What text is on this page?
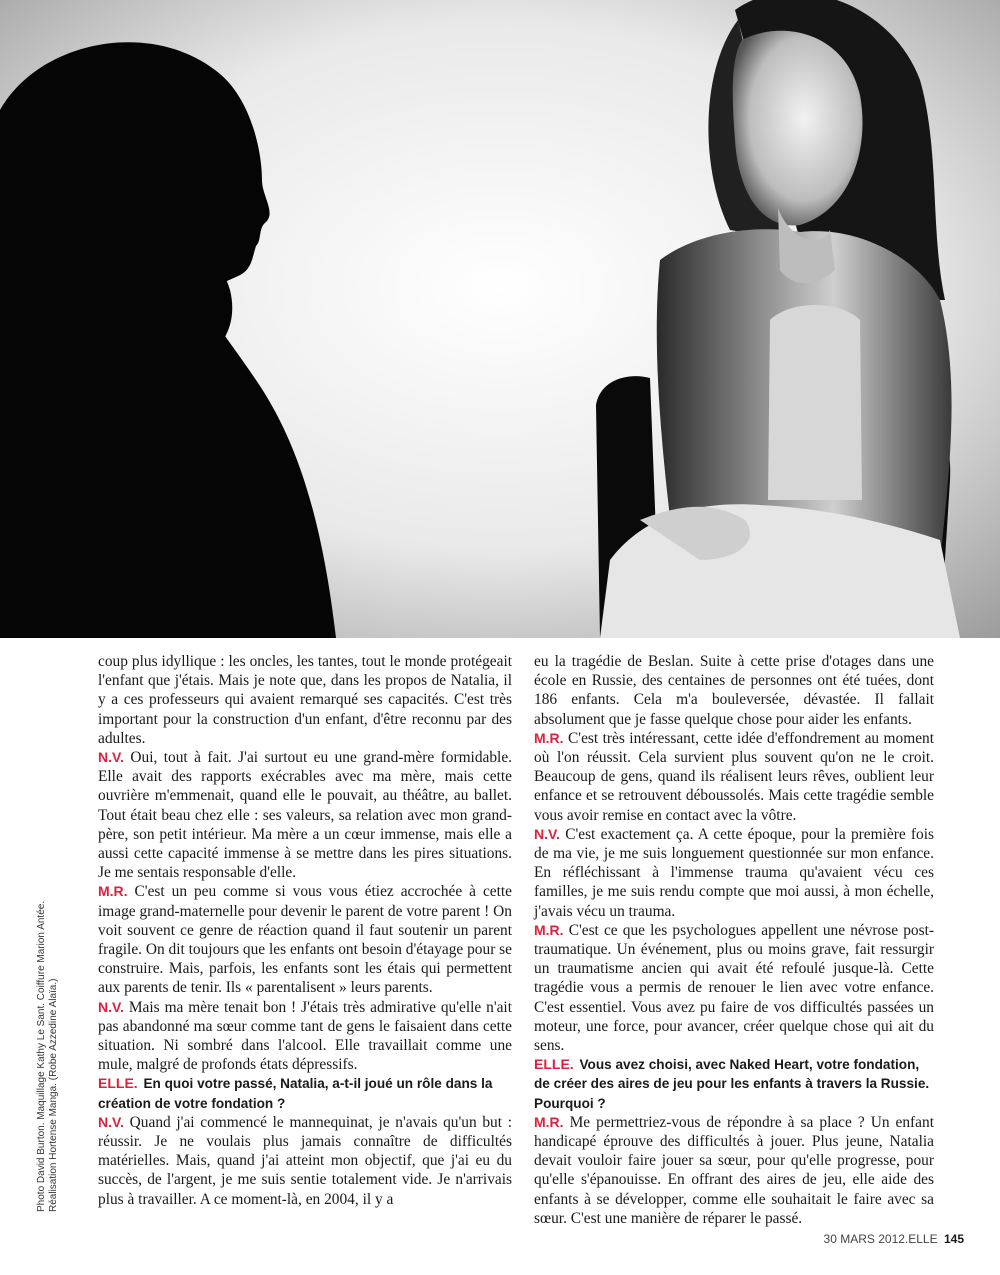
Photo David Burton. Maquillage Kathy Le Sant. Coiffure Marion Antée. Réalisation Hortense Manga. (Robe Azzedine Alaïa.)

coup plus idyllique : les oncles, les tantes, tout le monde protégeait l'enfant que j'étais. Mais je note que, dans les propos de Natalia, il y a ces professeurs qui avaient remarqué ses capacités. C'est très important pour la construction d'un enfant, d'être reconnu par des adultes.

N.V. Oui, tout à fait. J'ai surtout eu une grand-mère formidable. Elle avait des rapports exécrables avec ma mère, mais cette ouvrière m'emmenait, quand elle le pouvait, au théâtre, au ballet. Tout était beau chez elle : ses valeurs, sa relation avec mon grand-père, son petit intérieur. Ma mère a un cœur immense, mais elle a aussi cette capacité immense à se mettre dans les pires situations. Je me sentais responsable d'elle.

M.R. C'est un peu comme si vous vous étiez accrochée à cette image grand-maternelle pour devenir le parent de votre parent ! On voit souvent ce genre de réaction quand il faut soutenir un parent fragile. On dit toujours que les enfants ont besoin d'étayage pour se construire. Mais, parfois, les enfants sont les étais qui permettent aux parents de tenir. Ils « parentalisent » leurs parents.

N.V. Mais ma mère tenait bon ! J'étais très admirative qu'elle n'ait pas abandonné ma sœur comme tant de gens le faisaient dans cette situation. Ni sombré dans l'alcool. Elle travaillait comme une mule, malgré de profonds états dépressifs.

ELLE. En quoi votre passé, Natalia, a-t-il joué un rôle dans la création de votre fondation ?

N.V. Quand j'ai commencé le mannequinat, je n'avais qu'un but : réussir. Je ne voulais plus jamais connaître de difficultés matérielles. Mais, quand j'ai atteint mon objectif, que j'ai eu du succès, de l'argent, je me suis sentie totalement vide. Je n'arrivais plus à travailler. A ce moment-là, en 2004, il y a

eu la tragédie de Beslan. Suite à cette prise d'otages dans une école en Russie, des centaines de personnes ont été tuées, dont 186 enfants. Cela m'a bouleversée, dévastée. Il fallait absolument que je fasse quelque chose pour aider les enfants.

M.R. C'est très intéressant, cette idée d'effondrement au moment où l'on réussit. Cela survient plus souvent qu'on ne le croit. Beaucoup de gens, quand ils réalisent leurs rêves, oublient leur enfance et se retrouvent déboussolés. Mais cette tragédie semble vous avoir remise en contact avec la vôtre.

N.V. C'est exactement ça. A cette époque, pour la première fois de ma vie, je me suis longuement questionnée sur mon enfance. En réfléchissant à l'immense trauma qu'avaient vécu ces familles, je me suis rendu compte que moi aussi, à mon échelle, j'avais vécu un trauma.

M.R. C'est ce que les psychologues appellent une névrose post-traumatique. Un événement, plus ou moins grave, fait ressurgir un traumatisme ancien qui avait été refoulé jusque-là. Cette tragédie vous a permis de renouer le lien avec votre enfance. C'est essentiel. Vous avez pu faire de vos difficultés passées un moteur, une force, pour avancer, créer quelque chose qui ait du sens.

ELLE. Vous avez choisi, avec Naked Heart, votre fondation, de créer des aires de jeu pour les enfants à travers la Russie. Pourquoi ?

M.R. Me permettriez-vous de répondre à sa place ? Un enfant handicapé éprouve des difficultés à jouer. Plus jeune, Natalia devait vouloir faire jouer sa sœur, pour qu'elle progresse, pour qu'elle s'épanouisse. En offrant des aires de jeu, elle aide des enfants à se développer, comme elle souhaitait le faire avec sa sœur. C'est une manière de réparer le passé.

30 MARS 2012.ELLE 145
